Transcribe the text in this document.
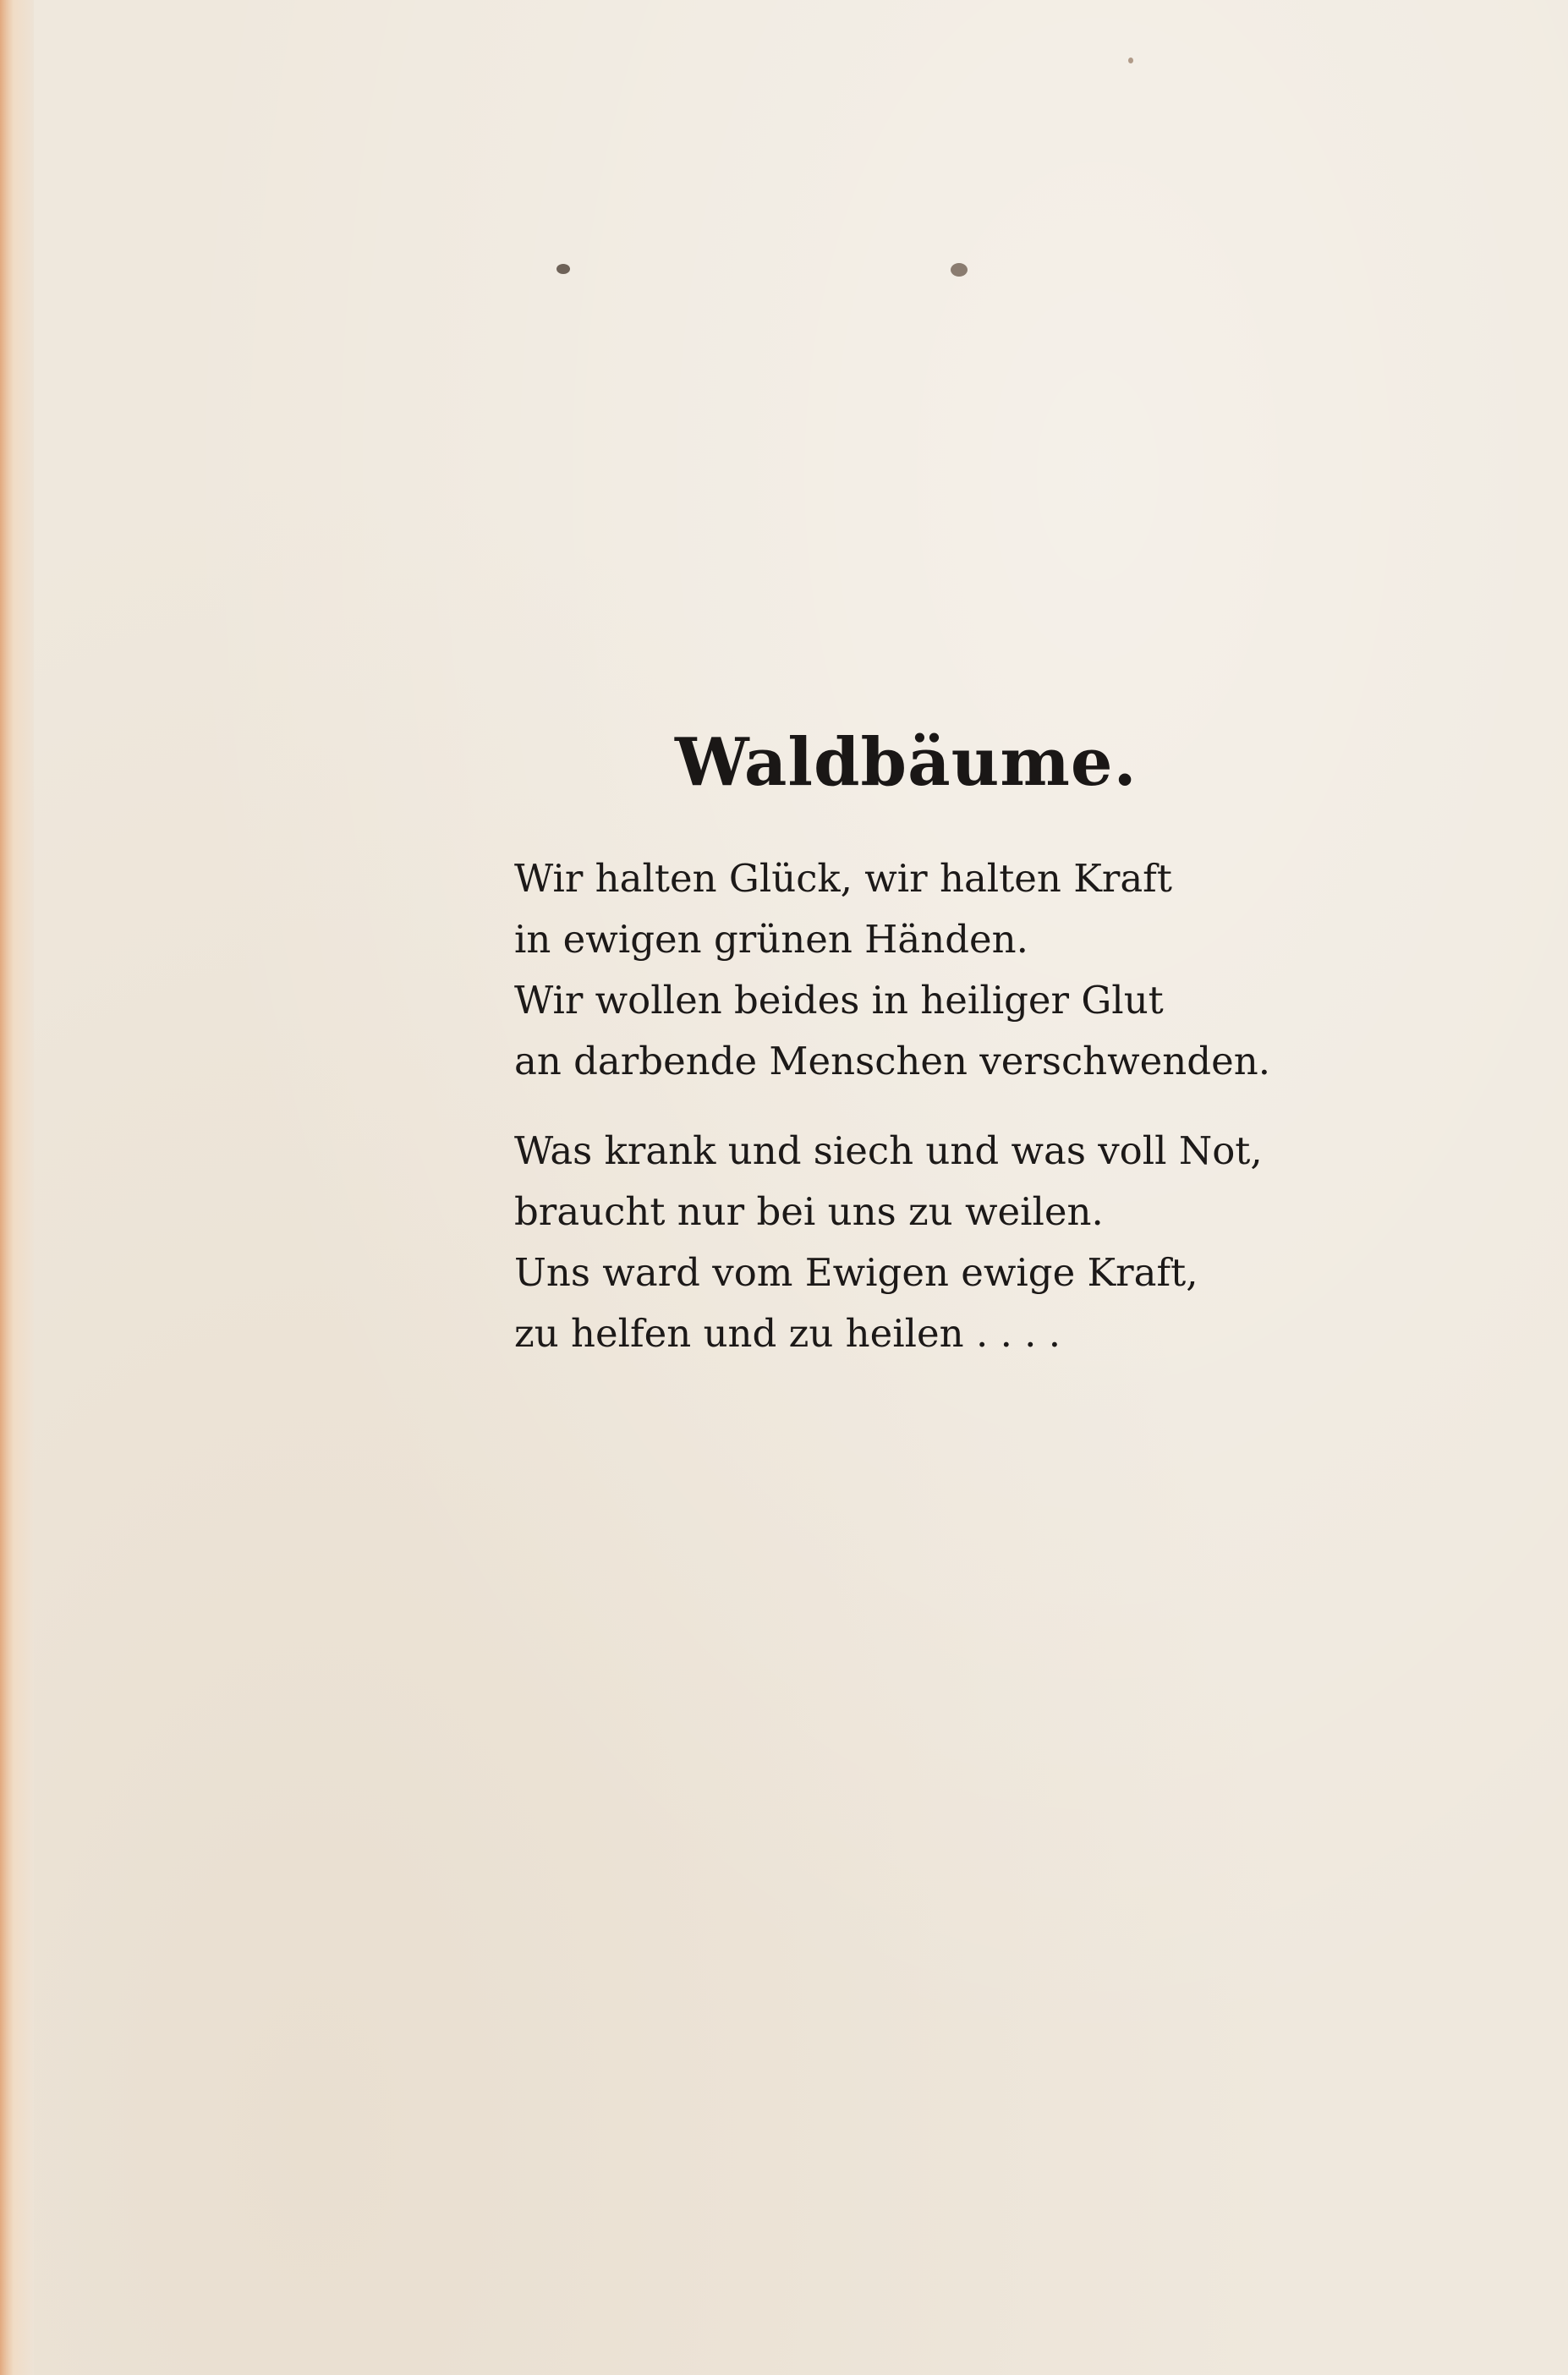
Waldbäume.
Wir halten Glück, wir halten Kraft
in ewigen grünen Händen.
Wir wollen beides in heiliger Glut
an darbende Menschen verschwenden.
Was krank und siech und was voll Not,
braucht nur bei uns zu weilen.
Uns ward vom Ewigen ewige Kraft,
zu helfen und zu heilen . . . .
